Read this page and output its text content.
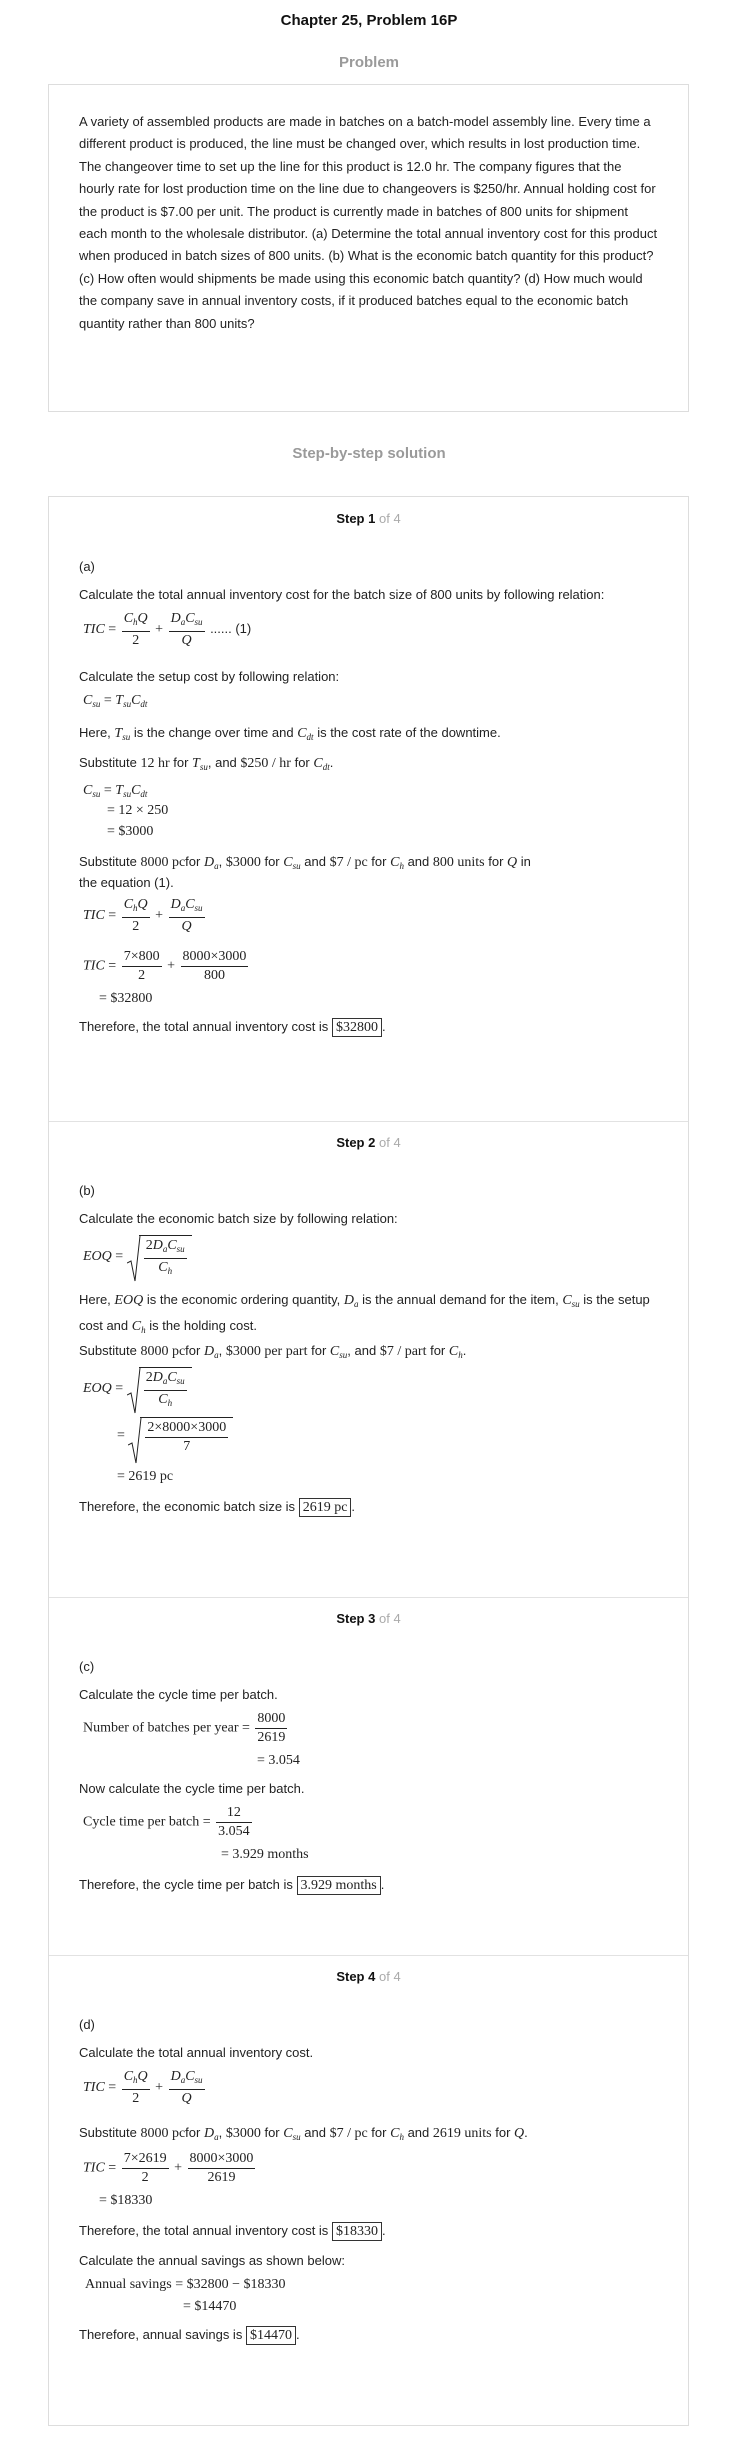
Chapter 25, Problem 16P
Problem
A variety of assembled products are made in batches on a batch-model assembly line. Every time a different product is produced, the line must be changed over, which results in lost production time. The changeover time to set up the line for this product is 12.0 hr. The company figures that the hourly rate for lost production time on the line due to changeovers is $250/hr. Annual holding cost for the product is $7.00 per unit. The product is currently made in batches of 800 units for shipment each month to the wholesale distributor. (a) Determine the total annual inventory cost for this product when produced in batch sizes of 800 units. (b) What is the economic batch quantity for this product? (c) How often would shipments be made using this economic batch quantity? (d) How much would the company save in annual inventory costs, if it produced batches equal to the economic batch quantity rather than 800 units?
Step-by-step solution
Step 1 of 4
(a)
Calculate the total annual inventory cost for the batch size of 800 units by following relation:
TIC = $\frac{C_hQ}{2} + \frac{D_aC_{su}}{Q}$ ...... (1)
Calculate the setup cost by following relation:
$C_{su} = T_{su}C_{dt}$
Here, $T_{su}$ is the change over time and $C_{dt}$ is the cost rate of the downtime.
Substitute 12 hr for $T_{su}$, and $250 / hr for $C_{dt}$.
$C_{su} = T_{su}C_{dt}$
= 12 × 250
= $3000
Substitute 8000 pcfor $D_a$, $3000 for $C_{su}$ and $7 / pc for $C_h$ and 800 units for Q in
the equation (1).
TIC = $\frac{C_hQ}{2} + \frac{D_aC_{su}}{Q}$
TIC = $\frac{7\times 800}{2} + \frac{8000\times 3000}{800}$
= $32800
Therefore, the total annual inventory cost is $32800 .
Step 2 of 4
(b)
Calculate the economic batch size by following relation:
EOQ = $\frac{2D_aC_{su}}{C_h}$
Here, EOQ is the economic ordering quantity, $D_a$ is the annual demand for the item, $C_{su}$ is the setup cost and $C_h$ is the holding cost.
Substitute 8000 pcfor $D_a$, $3000 per part for $C_{su}$, and $7 / part for $C_h$.
EOQ = $\frac{2D_aC_{su}}{C_h}$
= $\frac{2\times 8000\times 3000}{7}$
= 2619 pc
Therefore, the economic batch size is 2619 pc .
Step 3 of 4
(c)
Calculate the cycle time per batch.
Number of batches per year = $\frac{8000}{2619}$
= 3.054
Now calculate the cycle time per batch.
Cycle time per batch = $\frac{12}{3.054}$
= 3.929 months
Therefore, the cycle time per batch is 3.929 months .
Step 4 of 4
(d)
Calculate the total annual inventory cost.
TIC = $\frac{C_hQ}{2} + \frac{D_aC_{su}}{Q}$
Substitute 8000 pcfor $D_a$, $3000 for $C_{su}$ and $7 / pc for $C_h$ and 2619 units for Q.
TIC = $\frac{7\times 2619}{2} + \frac{8000\times 3000}{2619}$
= $18330
Therefore, the total annual inventory cost is $18330 .
Calculate the annual savings as shown below:
Annual savings = $32800 − $18330
= $14470
Therefore, annual savings is $14470 .
